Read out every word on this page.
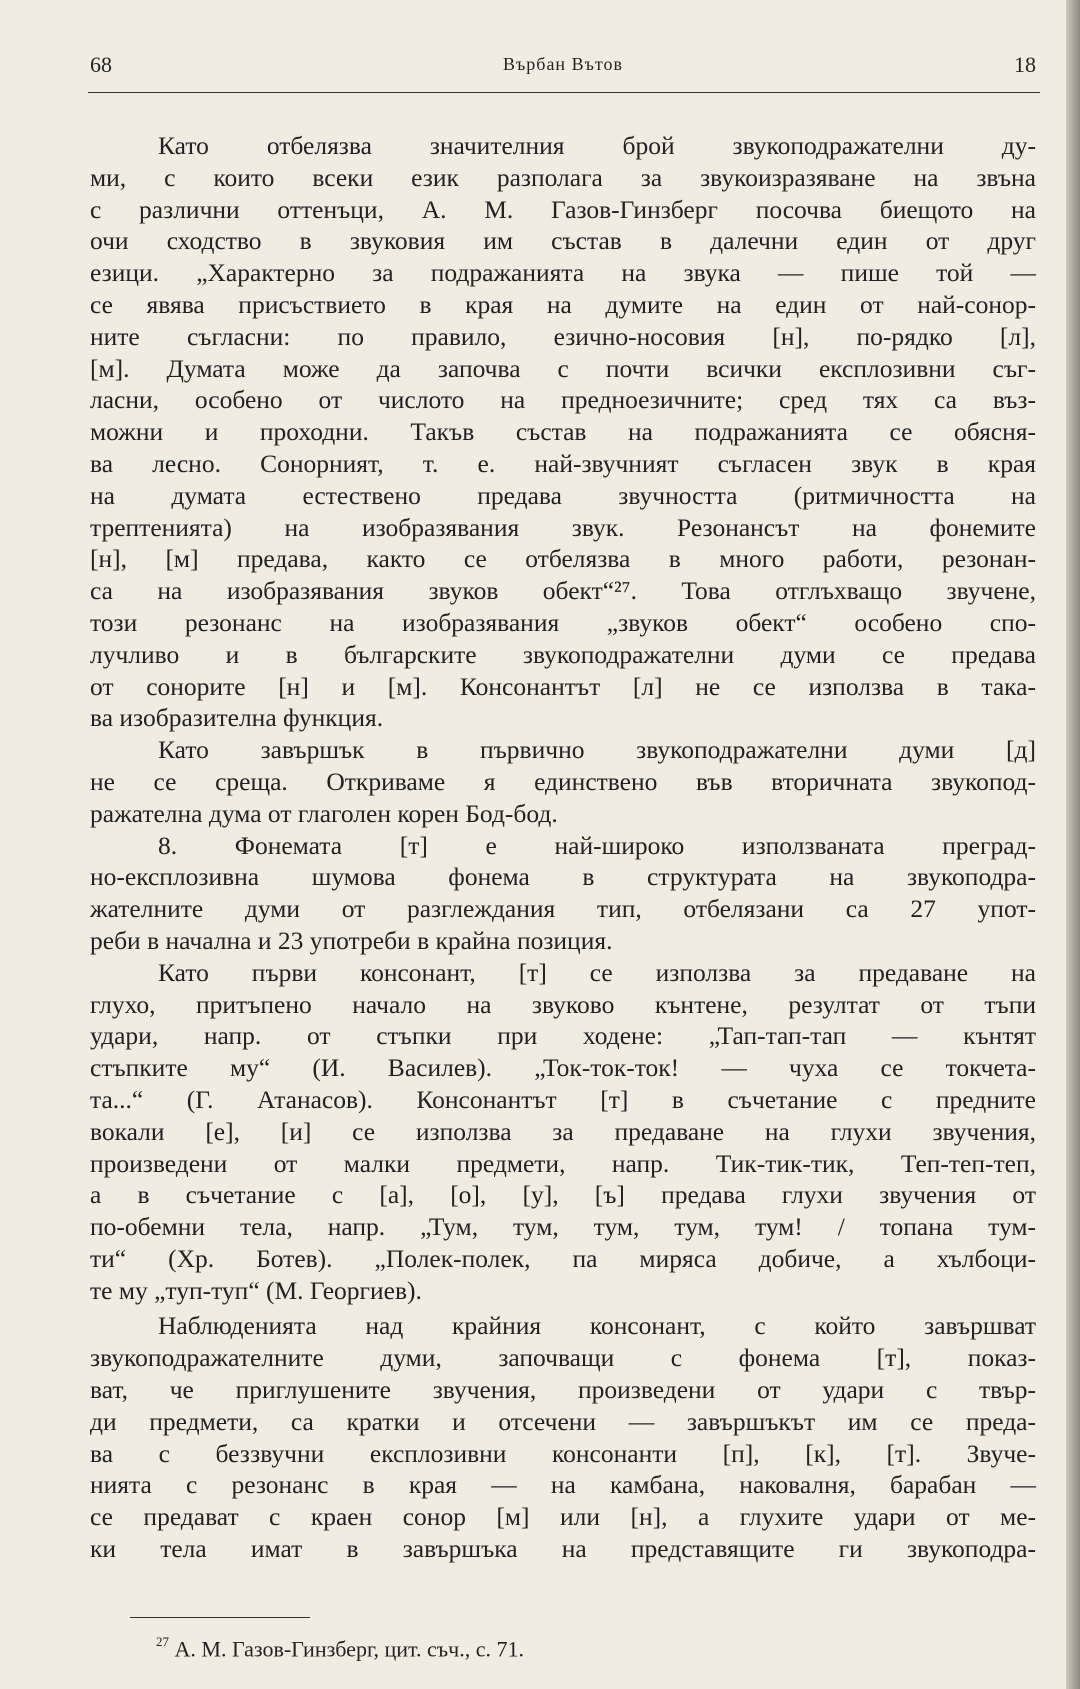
68	Върбан Вътов	18
Като отбелязва значителния брой звукоподражателни ду-
ми, с които всеки език разполага за звукоизразяване на звъна
с различни оттенъци, А. М. Газов-Гинзберг посочва биещото на
очи сходство в звуковия им състав в далечни един от друг
езици. „Характерно за подражанията на звука — пише той —
се явява присъствието в края на думите на един от най-сонор-
ните съгласни: по правило, езично-носовия [н], по-рядко [л],
[м]. Думата може да започва с почти всички експлозивни съг-
ласни, особено от числото на предноезичните; сред тях са въз-
можни и проходни. Такъв състав на подражанията се обясня-
ва лесно. Сонорният, т. е. най-звучният съгласен звук в края
на думата естествено предава звучността (ритмичността на
трептенията) на изобразявания звук. Резонансът на фонемите
[н], [м] предава, както се отбелязва в много работи, резонан-
са на изобразявания звуков обект“²⁷. Това отглъхващо звучене,
този резонанс на изобразявания „звуков обект“ особено спо-
лучливо и в българските звукоподражателни думи се предава
от сонорите [н] и [м]. Консонантът [л] не се използва в така-
ва изобразителна функция.
Като завършък в първично звукоподражателни думи [д]
не се среща. Откриваме я единствено във вторичната звукопод-
ражателна дума от глаголен корен Бод-бод.
8. Фонемата [т] е най-широко използваната преград-
но-експлозивна шумова фонема в структурата на звукоподра-
жателните думи от разглеждания тип, отбелязани са 27 упот-
реби в начална и 23 употреби в крайна позиция.
Като първи консонант, [т] се използва за предаване на
глухо, притъпено начало на звуково кънтене, резултат от тъпи
удари, напр. от стъпки при ходене: „Тап-тап-тап — кънтят
стъпките му“ (И. Василев). „Ток-ток-ток! — чуха се токчета-
та...“ (Г. Атанасов). Консонантът [т] в съчетание с предните
вокали [е], [и] се използва за предаване на глухи звучения,
произведени от малки предмети, напр. Тик-тик-тик, Теп-теп-теп,
а в съчетание с [а], [о], [у], [ъ] предава глухи звучения от
по-обемни тела, напр. „Тум, тум, тум, тум, тум! / топана тум-
ти“ (Хр. Ботев). „Полек-полек, па миряса добиче, а хълбоци-
те му „туп-туп“ (М. Георгиев).
Наблюденията над крайния консонант, с който завършват
звукоподражателните думи, започващи с фонема [т], показ-
ват, че приглушените звучения, произведени от удари с твър-
ди предмети, са кратки и отсечени — завършъкът им се преда-
ва с беззвучни експлозивни консонанти [п], [к], [т]. Звуче-
нията с резонанс в края — на камбана, наковалня, барабан —
се предават с краен сонор [м] или [н], а глухите удари от ме-
ки тела имат в завършъка на представящите ги звукоподра-
$^{27}$ А. М. Газов-Гинзберг, цит. съч., с. 71.
